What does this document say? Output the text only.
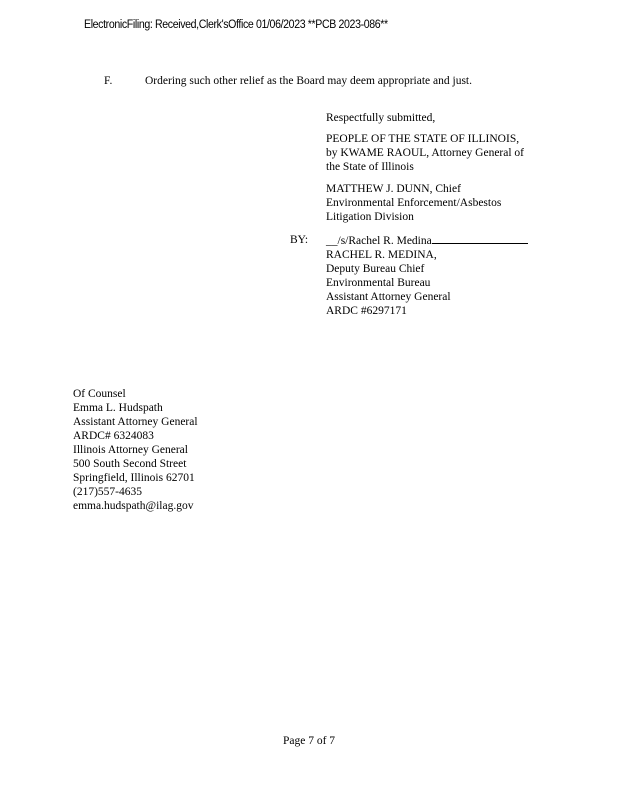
ElectronicFiling: Received,Clerk'sOffice 01/06/2023 **PCB 2023-086**
F.	Ordering such other relief as the Board may deem appropriate and just.
Respectfully submitted,
PEOPLE OF THE STATE OF ILLINOIS,
by KWAME RAOUL, Attorney General of
the State of Illinois
MATTHEW J. DUNN, Chief
Environmental Enforcement/Asbestos
Litigation Division
BY: __/s/Rachel R. Medina
RACHEL R. MEDINA,
Deputy Bureau Chief
Environmental Bureau
Assistant Attorney General
ARDC #6297171
Of Counsel
Emma L. Hudspath
Assistant Attorney General
ARDC# 6324083
Illinois Attorney General
500 South Second Street
Springfield, Illinois 62701
(217)557-4635
emma.hudspath@ilag.gov
Page 7 of 7
